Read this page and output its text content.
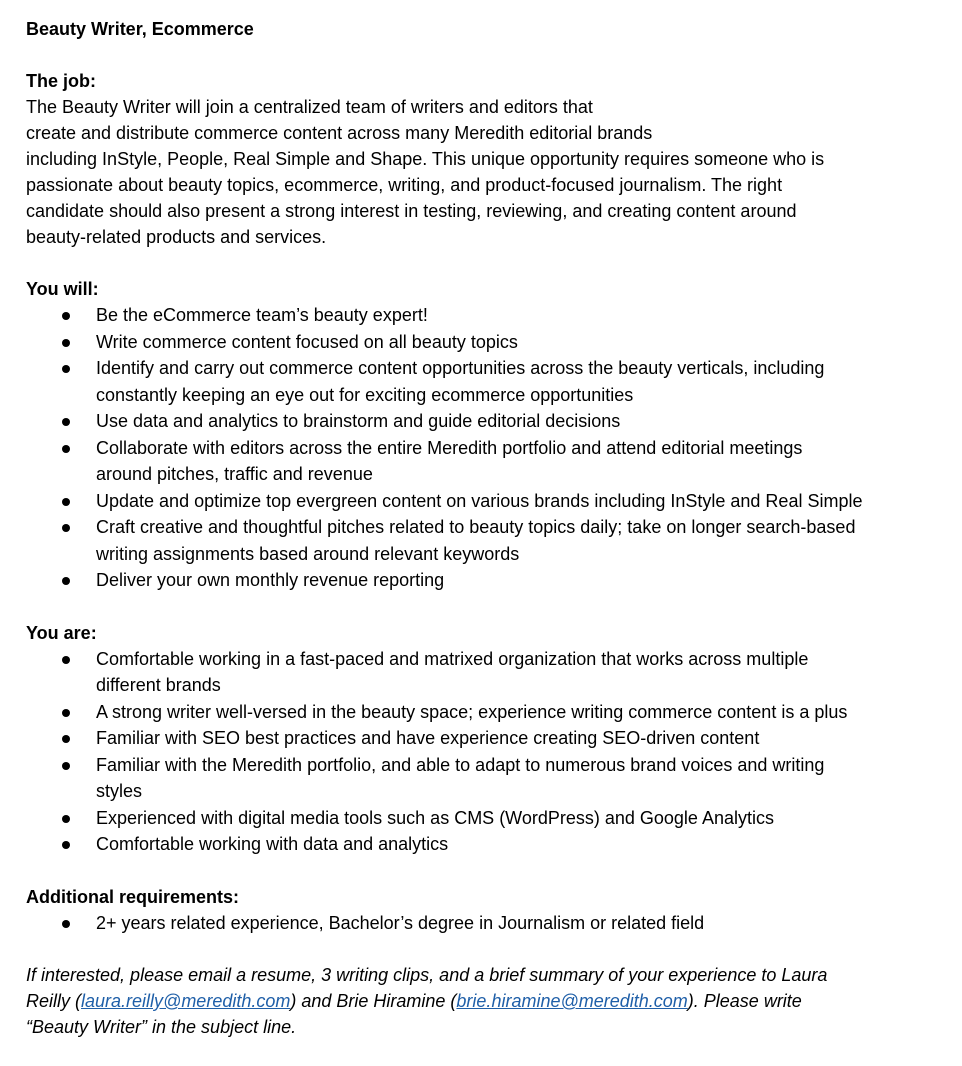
Beauty Writer, Ecommerce

The job:

The Beauty Writer will join a centralized team of writers and editors that
create and distribute commerce content across many Meredith editorial brands
including InStyle, People, Real Simple and Shape. This unique opportunity requires someone who is
passionate about beauty topics, ecommerce, writing, and product-focused journalism. The right
candidate should also present a strong interest in testing, reviewing, and creating content around
beauty-related products and services.

You will:

Be the eCommerce team’s beauty expert!
Write commerce content focused on all beauty topics
Identify and carry out commerce content opportunities across the beauty verticals, including
constantly keeping an eye out for exciting ecommerce opportunities
Use data and analytics to brainstorm and guide editorial decisions
Collaborate with editors across the entire Meredith portfolio and attend editorial meetings
around pitches, traffic and revenue
Update and optimize top evergreen content on various brands including InStyle and Real Simple
Craft creative and thoughtful pitches related to beauty topics daily; take on longer search-based
writing assignments based around relevant keywords
Deliver your own monthly revenue reporting

You are:

Comfortable working in a fast-paced and matrixed organization that works across multiple
different brands
A strong writer well-versed in the beauty space; experience writing commerce content is a plus
Familiar with SEO best practices and have experience creating SEO-driven content
Familiar with the Meredith portfolio, and able to adapt to numerous brand voices and writing
styles
Experienced with digital media tools such as CMS (WordPress) and Google Analytics
Comfortable working with data and analytics

Additional requirements:

2+ years related experience, Bachelor’s degree in Journalism or related field

If interested, please email a resume, 3 writing clips, and a brief summary of your experience to Laura
Reilly (laura.reilly@meredith.com) and Brie Hiramine (brie.hiramine@meredith.com). Please write
“Beauty Writer” in the subject line.
